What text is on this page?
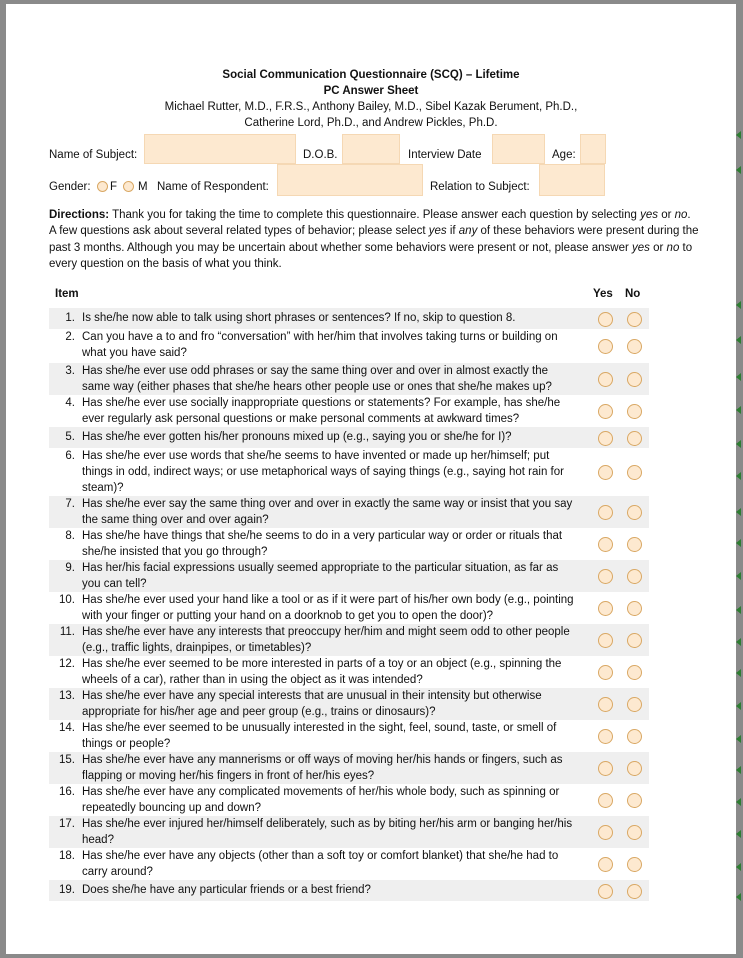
Social Communication Questionnaire (SCQ) – Lifetime
PC Answer Sheet
Michael Rutter, M.D., F.R.S., Anthony Bailey, M.D., Sibel Kazak Berument, Ph.D.,
Catherine Lord, Ph.D., and Andrew Pickles, Ph.D.
Name of Subject:	D.O.B.	Interview Date	Age:
Gender: F M Name of Respondent:	Relation to Subject:
Directions: Thank you for taking the time to complete this questionnaire. Please answer each question by selecting yes or no. A few questions ask about several related types of behavior; please select yes if any of these behaviors were present during the past 3 months. Although you may be uncertain about whether some behaviors were present or not, please answer yes or no to every question on the basis of what you think.
Item	Yes No
1. Is she/he now able to talk using short phrases or sentences? If no, skip to question 8.
2. Can you have a to and fro “conversation” with her/him that involves taking turns or building on what you have said?
3. Has she/he ever use odd phrases or say the same thing over and over in almost exactly the same way (either phases that she/he hears other people use or ones that she/he makes up?
4. Has she/he ever use socially inappropriate questions or statements? For example, has she/he ever regularly ask personal questions or make personal comments at awkward times?
5. Has she/he ever gotten his/her pronouns mixed up (e.g., saying you or she/he for I)?
6. Has she/he ever use words that she/he seems to have invented or made up her/himself; put things in odd, indirect ways; or use metaphorical ways of saying things (e.g., saying hot rain for steam)?
7. Has she/he ever say the same thing over and over in exactly the same way or insist that you say the same thing over and over again?
8. Has she/he have things that she/he seems to do in a very particular way or order or rituals that she/he insisted that you go through?
9. Has her/his facial expressions usually seemed appropriate to the particular situation, as far as you can tell?
10. Has she/he ever used your hand like a tool or as if it were part of his/her own body (e.g., pointing with your finger or putting your hand on a doorknob to get you to open the door)?
11. Has she/he ever have any interests that preoccupy her/him and might seem odd to other people (e.g., traffic lights, drainpipes, or timetables)?
12. Has she/he ever seemed to be more interested in parts of a toy or an object (e.g., spinning the wheels of a car), rather than in using the object as it was intended?
13. Has she/he ever have any special interests that are unusual in their intensity but otherwise appropriate for his/her age and peer group (e.g., trains or dinosaurs)?
14. Has she/he ever seemed to be unusually interested in the sight, feel, sound, taste, or smell of things or people?
15. Has she/he ever have any mannerisms or off ways of moving her/his hands or fingers, such as flapping or moving her/his fingers in front of her/his eyes?
16. Has she/he ever have any complicated movements of her/his whole body, such as spinning or repeatedly bouncing up and down?
17. Has she/he ever injured her/himself deliberately, such as by biting her/his arm or banging her/his head?
18. Has she/he ever have any objects (other than a soft toy or comfort blanket) that she/he had to carry around?
19. Does she/he have any particular friends or a best friend?
